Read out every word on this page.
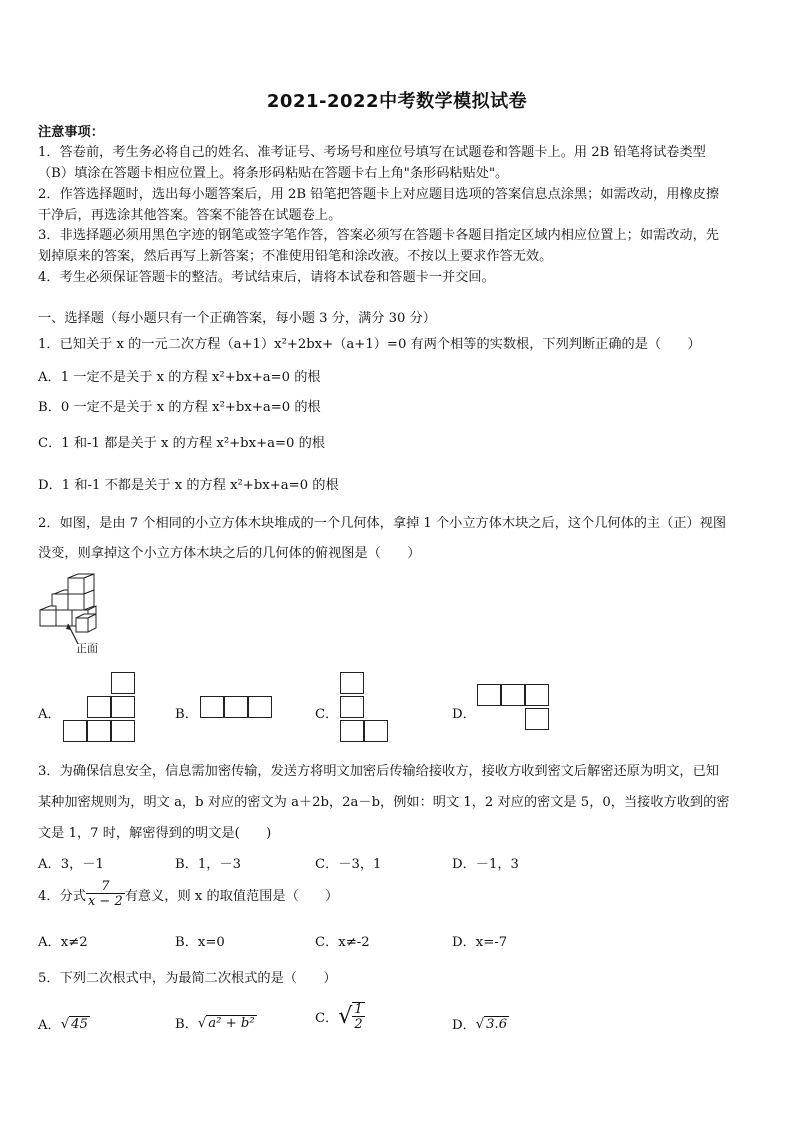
2021-2022中考数学模拟试卷
注意事项：
1．答卷前，考生务必将自己的姓名、准考证号、考场号和座位号填写在试题卷和答题卡上。用 2B 铅笔将试卷类型
（B）填涂在答题卡相应位置上。将条形码粘贴在答题卡右上角"条形码粘贴处"。
2．作答选择题时，选出每小题答案后，用 2B 铅笔把答题卡上对应题目选项的答案信息点涂黑；如需改动，用橡皮擦
干净后，再选涂其他答案。答案不能答在试题卷上。
3．非选择题必须用黑色字迹的钢笔或签字笔作答，答案必须写在答题卡各题目指定区域内相应位置上；如需改动，先
划掉原来的答案，然后再写上新答案；不准使用铅笔和涂改液。不按以上要求作答无效。
4．考生必须保证答题卡的整洁。考试结束后，请将本试卷和答题卡一并交回。
一、选择题（每小题只有一个正确答案，每小题 3 分，满分 30 分）
1．已知关于 x 的一元二次方程（a+1）x²+2bx+（a+1）=0 有两个相等的实数根，下列判断正确的是（　　）
A．1 一定不是关于 x 的方程 x²+bx+a=0 的根
B．0 一定不是关于 x 的方程 x²+bx+a=0 的根
C．1 和-1 都是关于 x 的方程 x²+bx+a=0 的根
D．1 和-1 不都是关于 x 的方程 x²+bx+a=0 的根
2．如图，是由 7 个相同的小立方体木块堆成的一个几何体，拿掉 1 个小立方体木块之后，这个几何体的主（正）视图
没变，则拿掉这个小立方体木块之后的几何体的俯视图是（　　）
正面
A．	B．	C．	D．
3．为确保信息安全，信息需加密传输，发送方将明文加密后传输给接收方，接收方收到密文后解密还原为明文，已知
某种加密规则为，明文 a，b 对应的密文为 a＋2b，2a－b，例如：明文 1，2 对应的密文是 5，0，当接收方收到的密
文是 1，7 时，解密得到的明文是(　　)
A．3，－1	B．1，－3	C．－3，1	D．－1，3
4．分式 $\frac{7}{x - 2}$ 有意义，则 x 的取值范围是（　　）
A．x≠2	B．x=0	C．x≠-2	D．x=-7
5．下列二次根式中，为最简二次根式的是（　　）
A． √ 45	B． √ a² + b²	C． √ $\frac{1}{2}$	D． √ 3.6
